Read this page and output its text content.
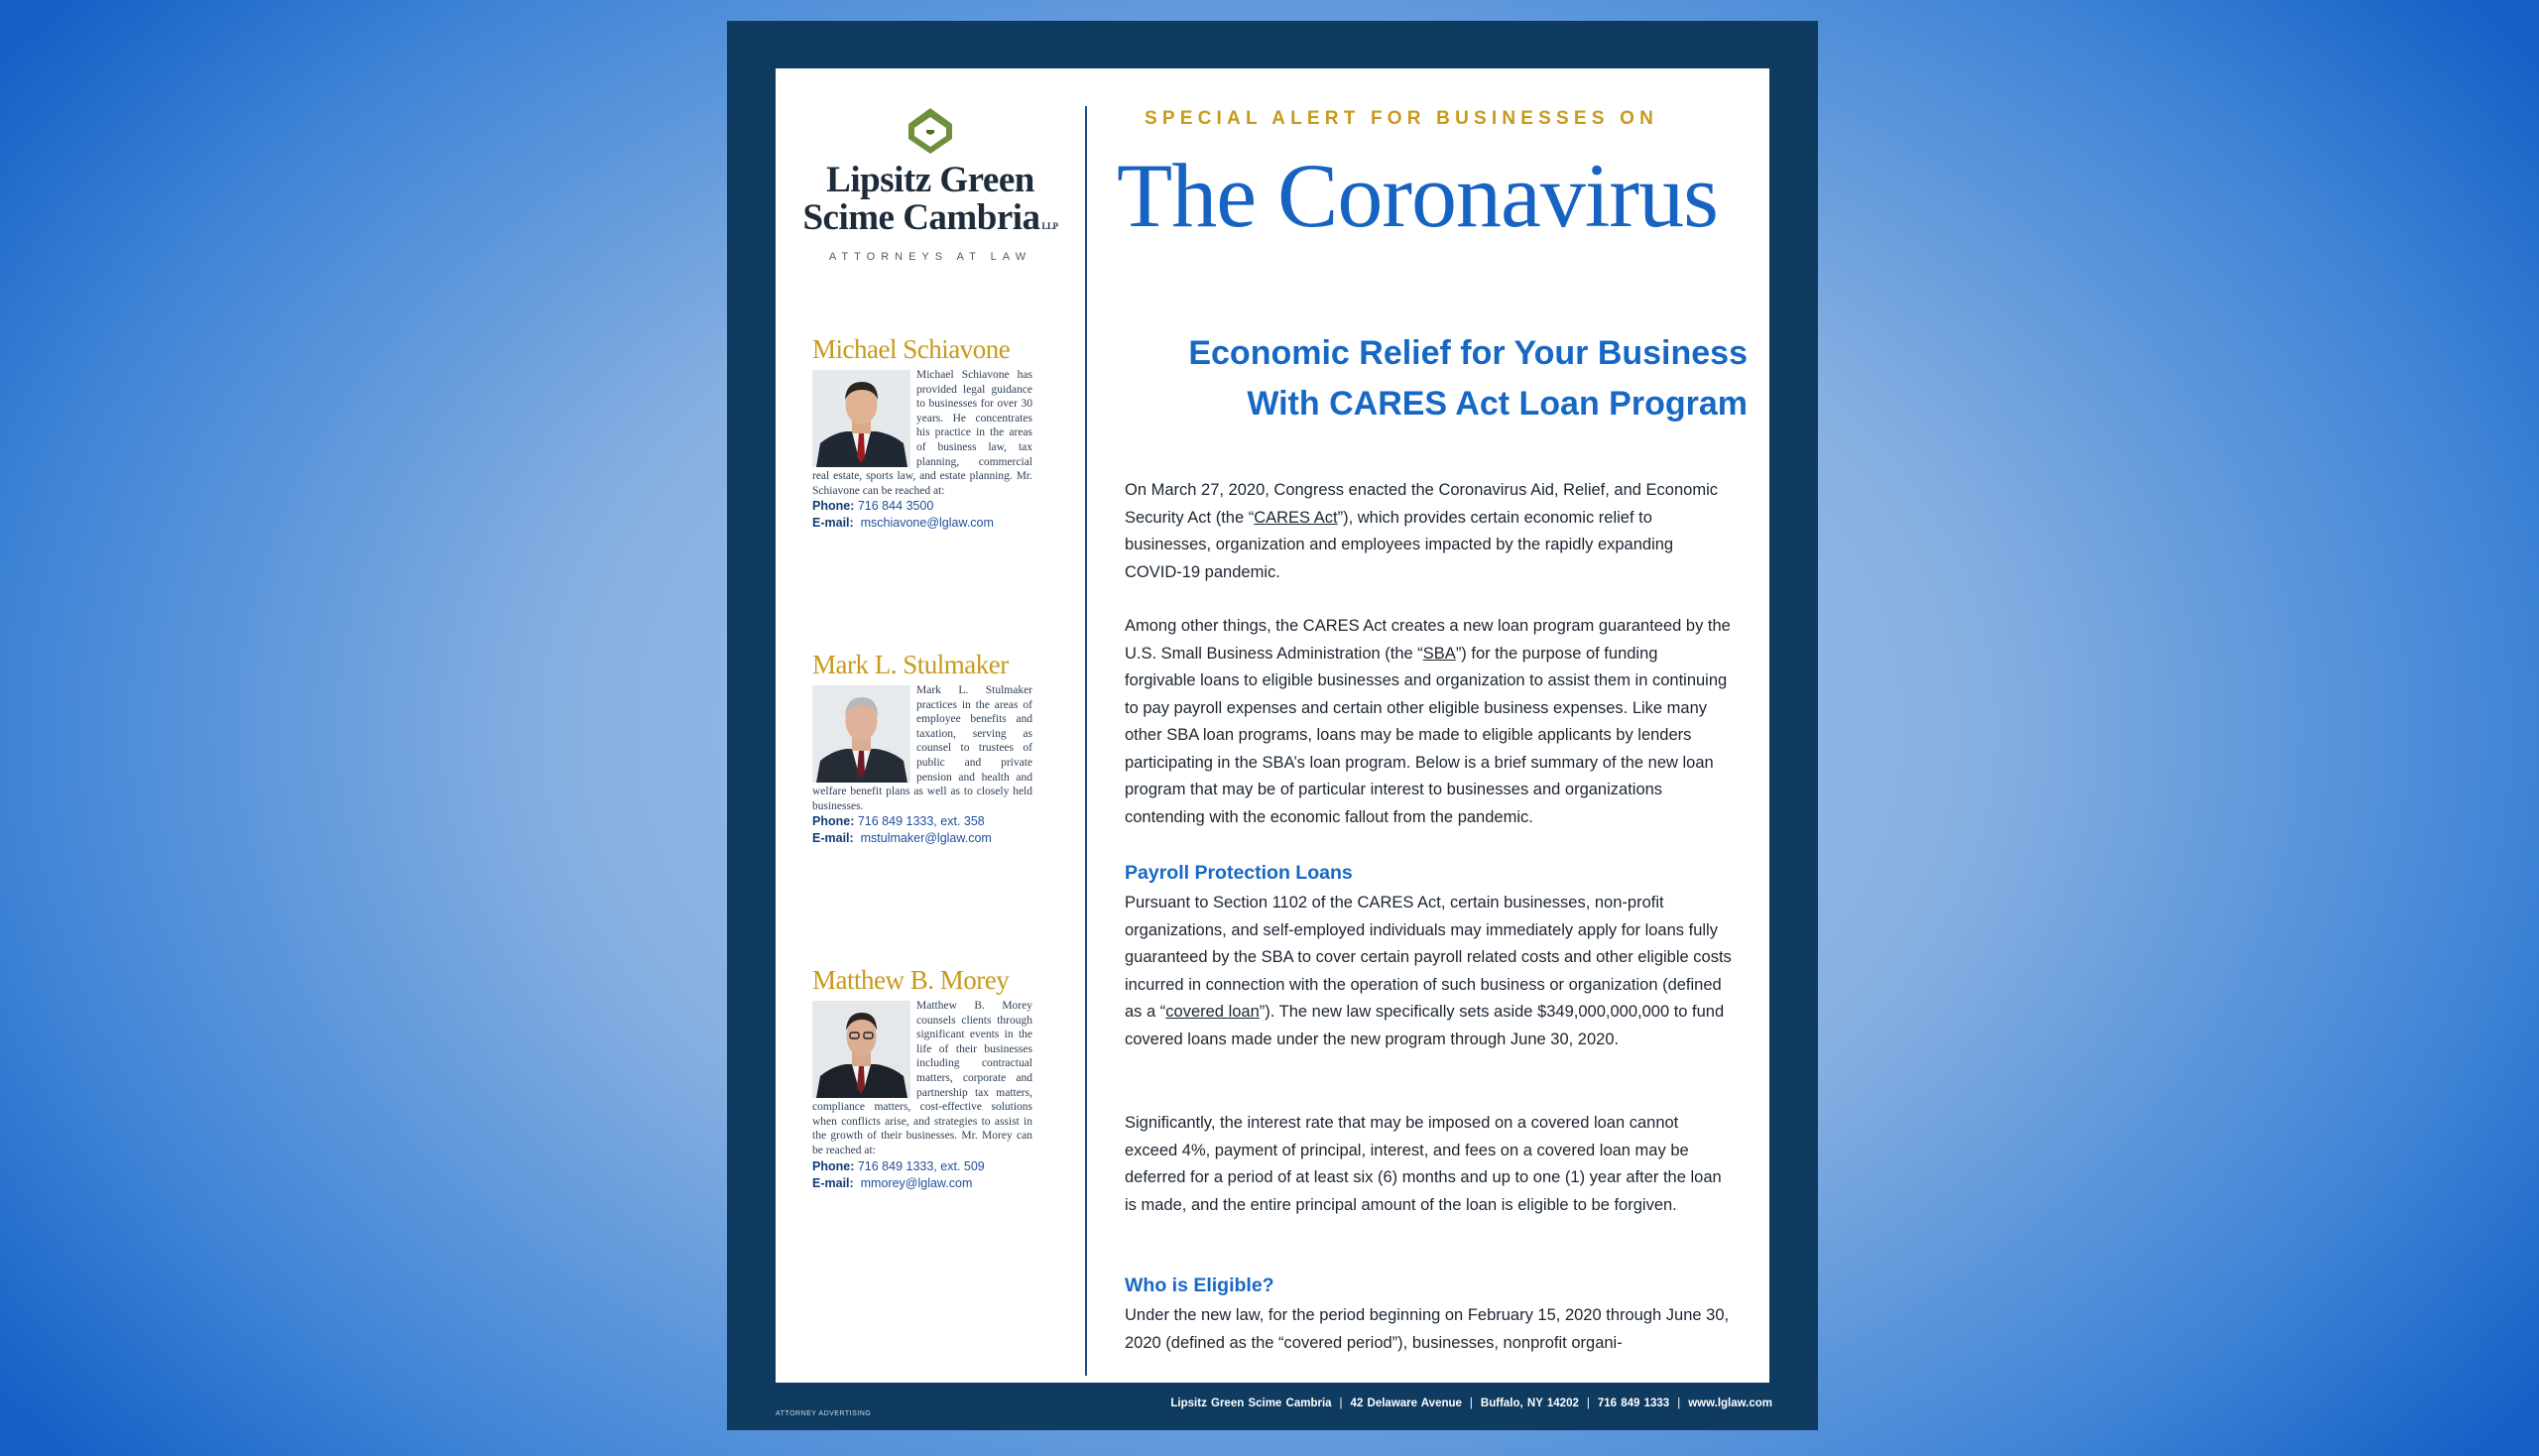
Lipsitz Green
Scime Cambria LLP
ATTORNEYS AT LAW
Michael Schiavone

Michael Schiavone has provided legal guidance to businesses for over 30 years. He concentrates his practice in the areas of business law, tax planning, commercial real estate, sports law, and estate planning. Mr. Schiavone can be reached at:

Phone: 716 844 3500
E-mail: mschiavone@lglaw.com
Mark L. Stulmaker

Mark L. Stulmaker practices in the areas of employee benefits and taxation, serving as counsel to trustees of public and private pension and health and welfare benefit plans as well as to closely held businesses.

Phone: 716 849 1333, ext. 358
E-mail: mstulmaker@lglaw.com
Matthew B. Morey

Matthew B. Morey counsels clients through significant events in the life of their businesses including contractual matters, corporate and partnership tax matters, compliance matters, cost-effective solutions when conflicts arise, and strategies to assist in the growth of their businesses. Mr. Morey can be reached at:

Phone: 716 849 1333, ext. 509
E-mail: mmorey@lglaw.com
SPECIAL ALERT FOR BUSINESSES ON
The Coronavirus
Economic Relief for Your Business
With CARES Act Loan Program

On March 27, 2020, Congress enacted the Coronavirus Aid, Relief, and Economic Security Act (the “CARES Act”), which provides certain economic relief to businesses, organization and employees impacted by the rapidly expanding COVID-19 pandemic.

Among other things, the CARES Act creates a new loan program guaranteed by the U.S. Small Business Administration (the “SBA”) for the purpose of funding forgivable loans to eligible businesses and organization to assist them in continuing to pay payroll expenses and certain other eligible business expenses. Like many other SBA loan programs, loans may be made to eligible applicants by lenders participating in the SBA’s loan program. Below is a brief summary of the new loan program that may be of particular interest to businesses and organizations contending with the economic fallout from the pandemic.

Payroll Protection Loans

Pursuant to Section 1102 of the CARES Act, certain businesses, non-profit organizations, and self-employed individuals may immediately apply for loans fully guaranteed by the SBA to cover certain payroll related costs and other eligible costs incurred in connection with the operation of such business or organization (defined as a “covered loan”). The new law specifically sets aside $349,000,000,000 to fund covered loans made under the new program through June 30, 2020.

Significantly, the interest rate that may be imposed on a covered loan cannot exceed 4%, payment of principal, interest, and fees on a covered loan may be deferred for a period of at least six (6) months and up to one (1) year after the loan is made, and the entire principal amount of the loan is eligible to be forgiven.

Who is Eligible?

Under the new law, for the period beginning on February 15, 2020 through June 30, 2020 (defined as the “covered period”), businesses, nonprofit organi-

ATTORNEY ADVERTISING
Lipsitz Green Scime Cambria | 42 Delaware Avenue | Buffalo, NY 14202 | 716 849 1333 | www.lglaw.com
